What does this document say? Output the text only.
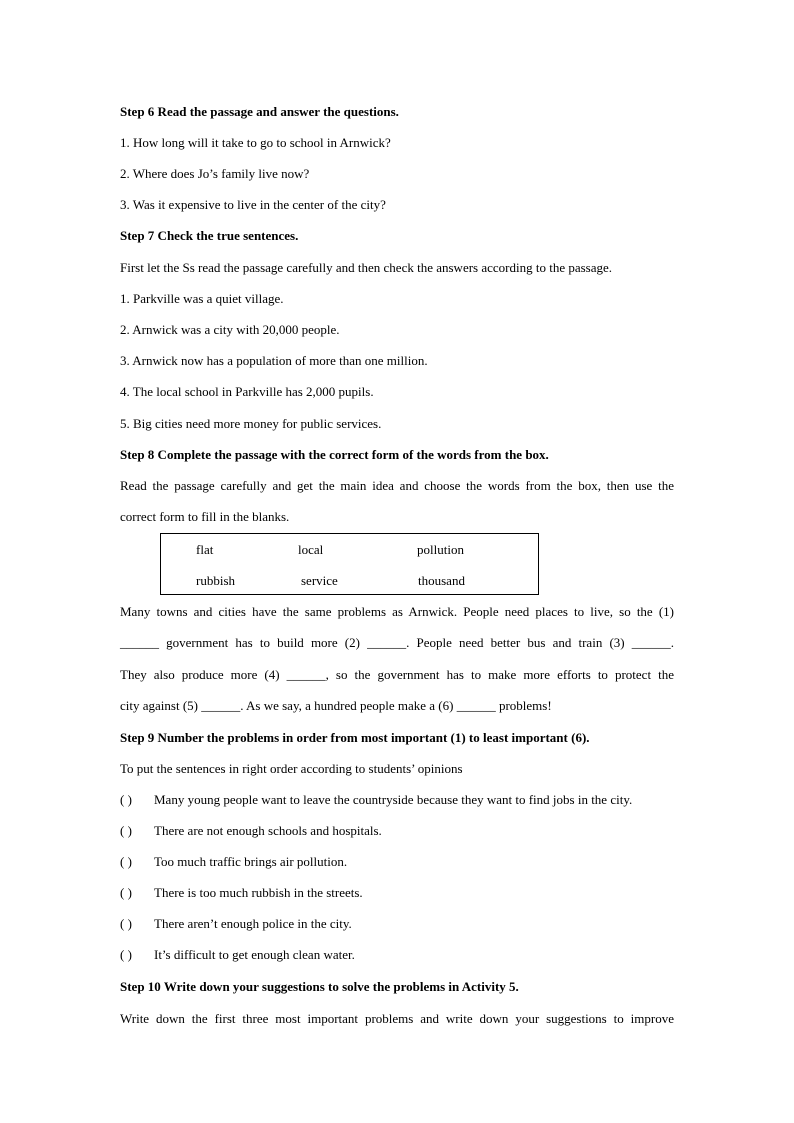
Step 6 Read the passage and answer the questions.
1. How long will it take to go to school in Arnwick?
2. Where does Jo’s family live now?
3. Was it expensive to live in the center of the city?
Step 7 Check the true sentences.
First let the Ss read the passage carefully and then check the answers according to the passage.
1. Parkville was a quiet village.
2. Arnwick was a city with 20,000 people.
3. Arnwick now has a population of more than one million.
4. The local school in Parkville has 2,000 pupils.
5. Big cities need more money for public services.
Step 8 Complete the passage with the correct form of the words from the box.
Read the passage carefully and get the main idea and choose the words from the box, then use the
correct form to fill in the blanks.
flat	local	pollution
rubbish	service	thousand
Many towns and cities have the same problems as Arnwick. People need places to live, so the (1)
______ government has to build more (2) ______. People need better bus and train (3) ______.
They also produce more (4) ______, so the government has to make more efforts to protect the
city against (5) ______. As we say, a hundred people make a (6) ______ problems!
Step 9 Number the problems in order from most important (1) to least important (6).
To put the sentences in right order according to students’ opinions
( ) Many young people want to leave the countryside because they want to find jobs in the city.
( ) There are not enough schools and hospitals.
( ) Too much traffic brings air pollution.
( ) There is too much rubbish in the streets.
( ) There aren’t enough police in the city.
( ) It’s difficult to get enough clean water.
Step 10 Write down your suggestions to solve the problems in Activity 5.
Write down the first three most important problems and write down your suggestions to improve
